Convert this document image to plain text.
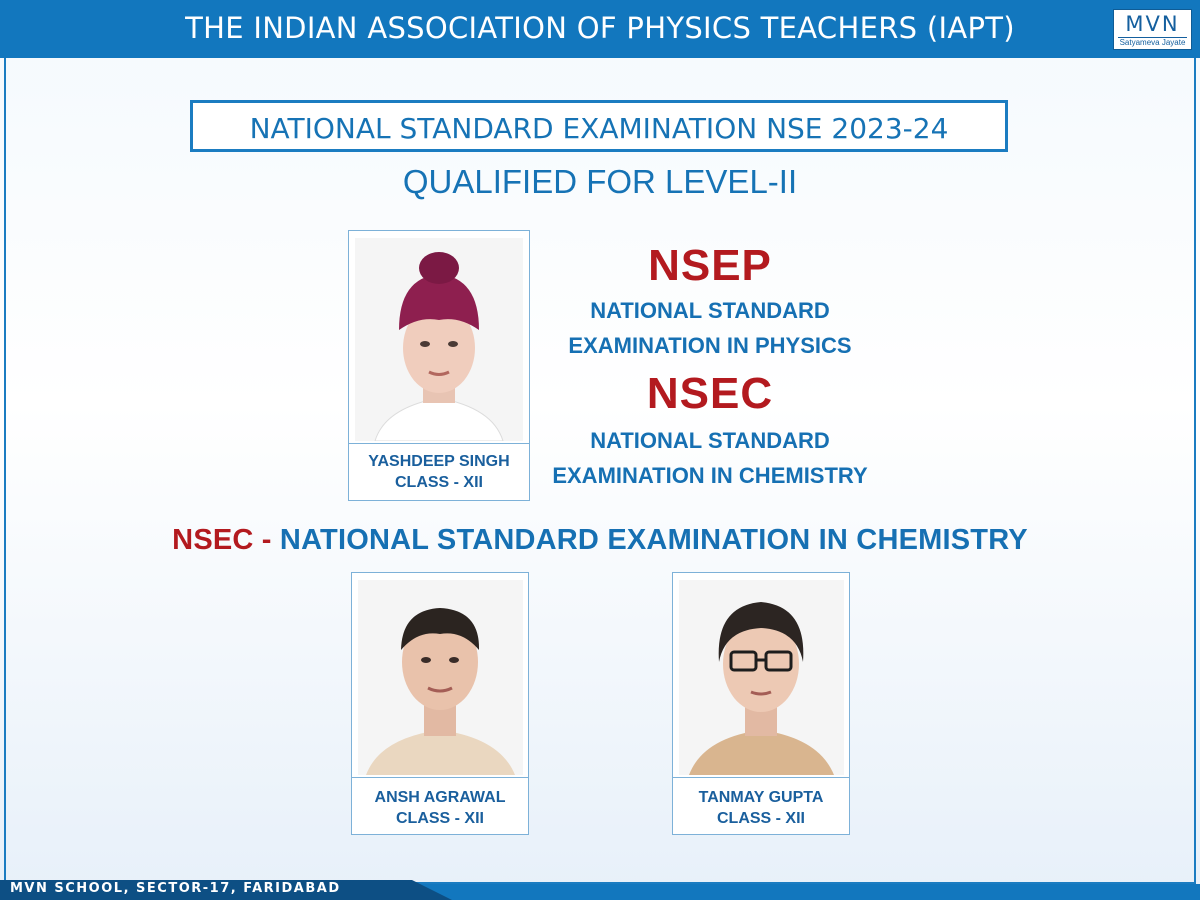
THE INDIAN ASSOCIATION OF PHYSICS TEACHERS (IAPT)	MVN
Satyameva Jayate
NATIONAL STANDARD EXAMINATION NSE 2023-24
QUALIFIED FOR LEVEL-II
YASHDEEP SINGH
CLASS - XII
NSEP
NATIONAL STANDARD
EXAMINATION IN PHYSICS
NSEC
NATIONAL STANDARD
EXAMINATION IN CHEMISTRY
NSEC - NATIONAL STANDARD EXAMINATION IN CHEMISTRY
ANSH AGRAWAL
CLASS - XII
TANMAY GUPTA
CLASS - XII
MVN SCHOOL, SECTOR-17, FARIDABAD
